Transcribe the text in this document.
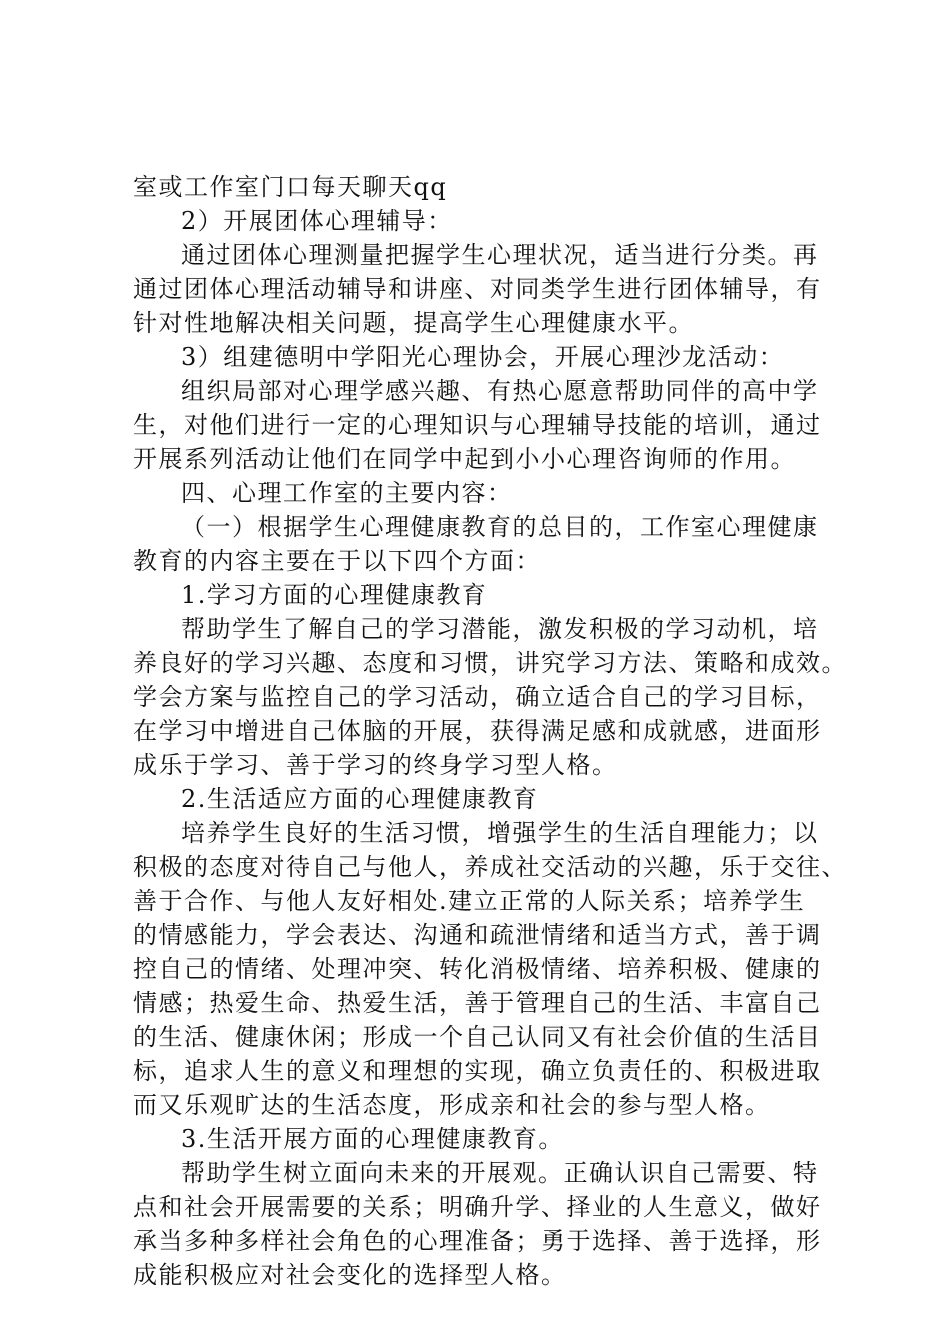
室或工作室门口每天聊天qq
2）开展团体心理辅导：
通过团体心理测量把握学生心理状况，适当进行分类。再
通过团体心理活动辅导和讲座、对同类学生进行团体辅导，有
针对性地解决相关问题，提高学生心理健康水平。
3）组建德明中学阳光心理协会，开展心理沙龙活动：
组织局部对心理学感兴趣、有热心愿意帮助同伴的高中学
生，对他们进行一定的心理知识与心理辅导技能的培训，通过
开展系列活动让他们在同学中起到小小心理咨询师的作用。
四、心理工作室的主要内容：
（一）根据学生心理健康教育的总目的，工作室心理健康
教育的内容主要在于以下四个方面：
1.学习方面的心理健康教育
帮助学生了解自己的学习潜能，激发积极的学习动机，培
养良好的学习兴趣、态度和习惯，讲究学习方法、策略和成效。
学会方案与监控自己的学习活动，确立适合自己的学习目标，
在学习中增进自己体脑的开展，获得满足感和成就感，进面形
成乐于学习、善于学习的终身学习型人格。
2.生活适应方面的心理健康教育
培养学生良好的生活习惯，增强学生的生活自理能力；以
积极的态度对待自己与他人，养成社交活动的兴趣，乐于交往、
善于合作、与他人友好相处.建立正常的人际关系；培养学生
的情感能力，学会表达、沟通和疏泄情绪和适当方式，善于调
控自己的情绪、处理冲突、转化消极情绪、培养积极、健康的
情感；热爱生命、热爱生活，善于管理自己的生活、丰富自己
的生活、健康休闲；形成一个自己认同又有社会价值的生活目
标，追求人生的意义和理想的实现，确立负责任的、积极进取
而又乐观旷达的生活态度，形成亲和社会的参与型人格。
3.生活开展方面的心理健康教育。
帮助学生树立面向未来的开展观。正确认识自己需要、特
点和社会开展需要的关系；明确升学、择业的人生意义，做好
承当多种多样社会角色的心理准备；勇于选择、善于选择，形
成能积极应对社会变化的选择型人格。
